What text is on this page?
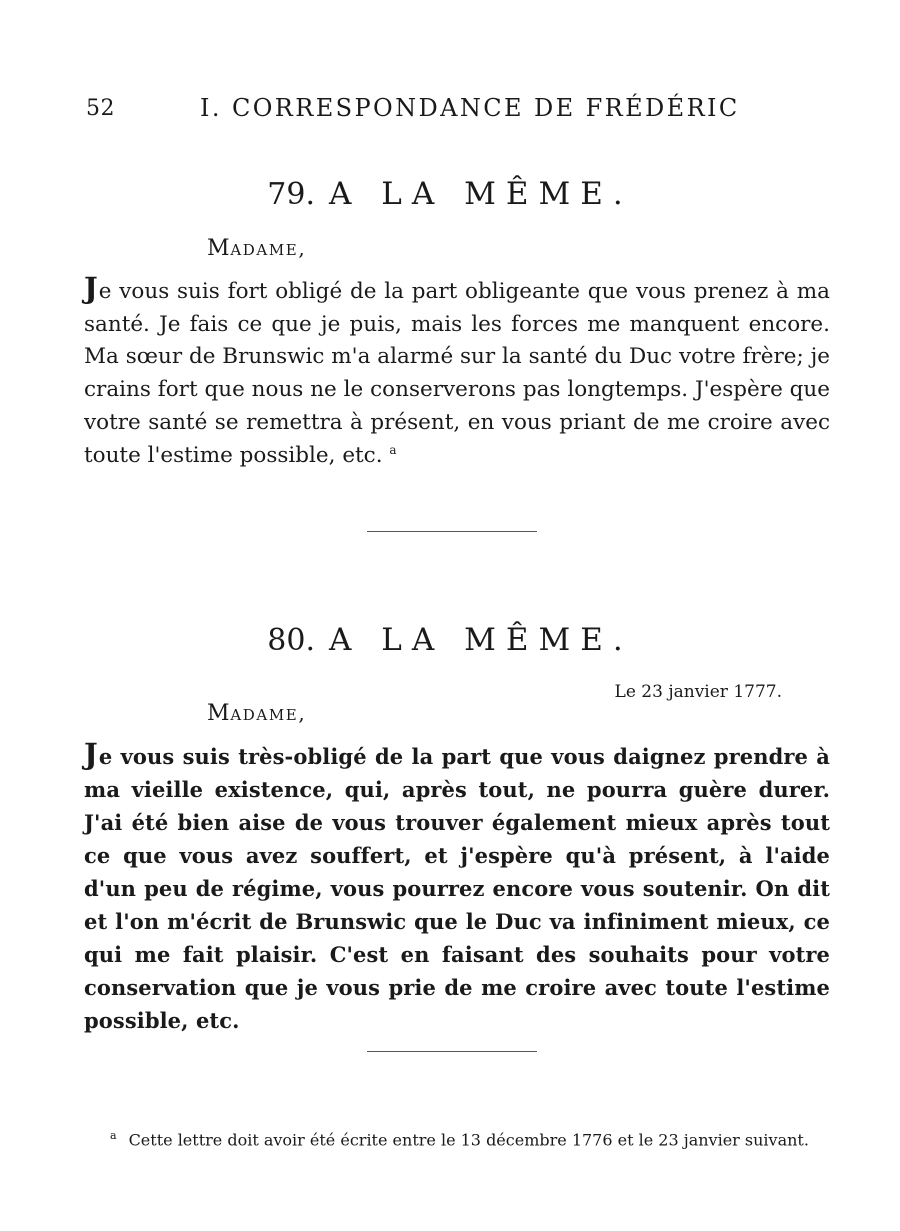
52	I. CORRESPONDANCE DE FRÉDÉRIC
79. A LA MÊME.
MADAME,

Je vous suis fort obligé de la part obligeante que vous prenez à ma santé. Je fais ce que je puis, mais les forces me manquent encore. Ma sœur de Brunswic m'a alarmé sur la santé du Duc votre frère; je crains fort que nous ne le conserverons pas longtemps. J'espère que votre santé se remettra à présent, en vous priant de me croire avec toute l'estime possible, etc. $^a$

80. A LA MÊME.
Le 23 janvier 1777.
MADAME,

Je vous suis très-obligé de la part que vous daignez prendre à ma vieille existence, qui, après tout, ne pourra guère durer. J'ai été bien aise de vous trouver également mieux après tout ce que vous avez souffert, et j'espère qu'à présent, à l'aide d'un peu de régime, vous pourrez encore vous soutenir. On dit et l'on m'écrit de Brunswic que le Duc va infiniment mieux, ce qui me fait plaisir. C'est en faisant des souhaits pour votre conservation que je vous prie de me croire avec toute l'estime possible, etc.

$^a$ Cette lettre doit avoir été écrite entre le 13 décembre 1776 et le 23 janvier suivant.
